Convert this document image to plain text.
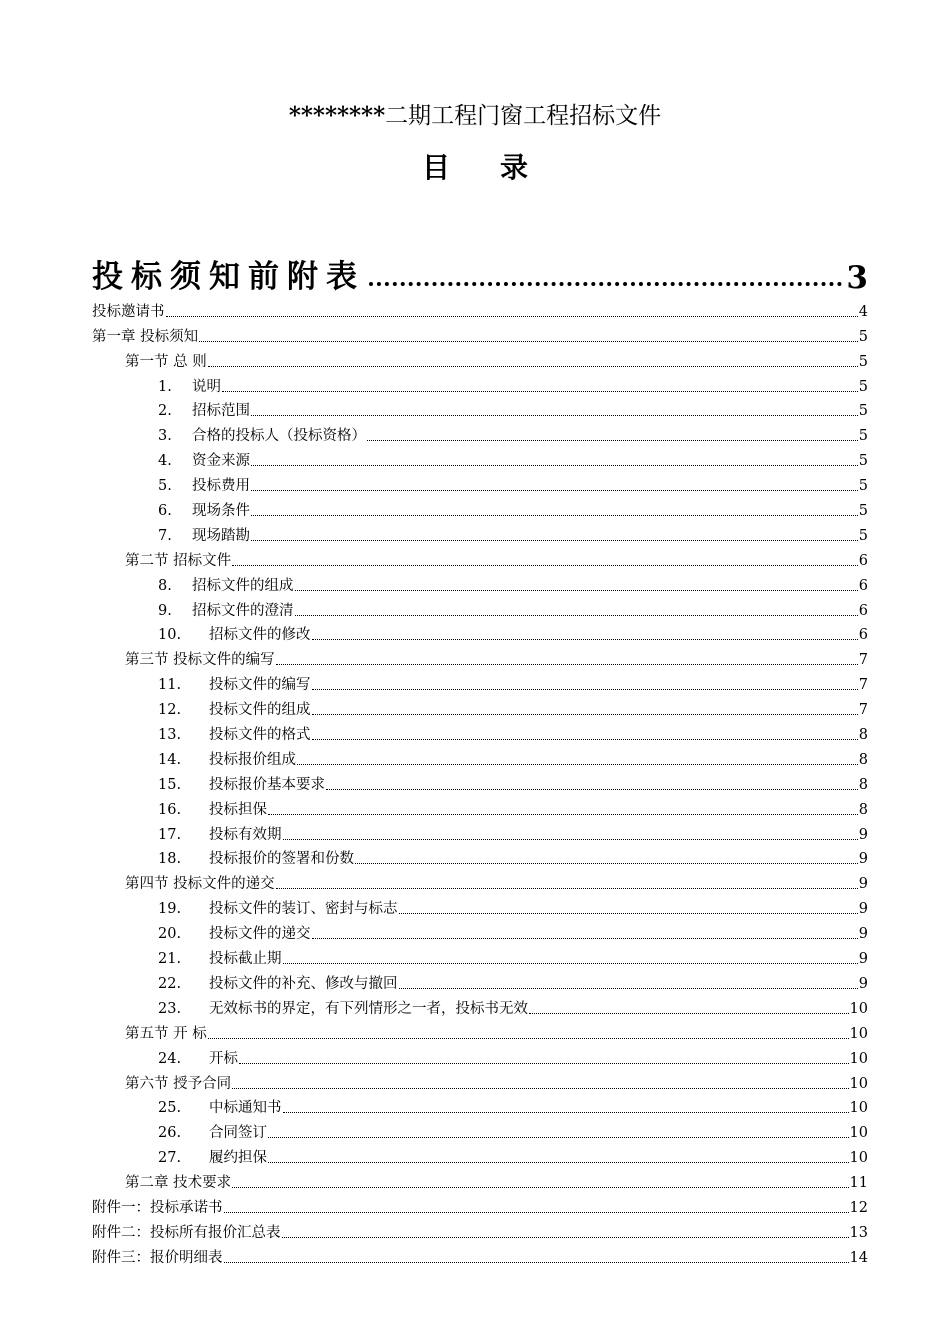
********二期工程门窗工程招标文件
目录
投标须知前附表	3
投标邀请书	4
第一章 投标须知	5
第一节 总 则	5
1.	说明	5
2.	招标范围	5
3.	合格的投标人（投标资格）	5
4.	资金来源	5
5.	投标费用	5
6.	现场条件	5
7.	现场踏勘	5
第二节 招标文件	6
8.	招标文件的组成	6
9.	招标文件的澄清	6
10.	招标文件的修改	6
第三节 投标文件的编写	7
11.	投标文件的编写	7
12.	投标文件的组成	7
13.	投标文件的格式	8
14.	投标报价组成	8
15.	投标报价基本要求	8
16.	投标担保	8
17.	投标有效期	9
18.	投标报价的签署和份数	9
第四节 投标文件的递交	9
19.	投标文件的装订、密封与标志	9
20.	投标文件的递交	9
21.	投标截止期	9
22.	投标文件的补充、修改与撤回	9
23.	无效标书的界定，有下列情形之一者，投标书无效	10
第五节 开 标	10
24.	开标	10
第六节 授予合同	10
25.	中标通知书	10
26.	合同签订	10
27.	履约担保	10
第二章 技术要求	11
附件一：投标承诺书	12
附件二：投标所有报价汇总表	13
附件三：报价明细表	14
